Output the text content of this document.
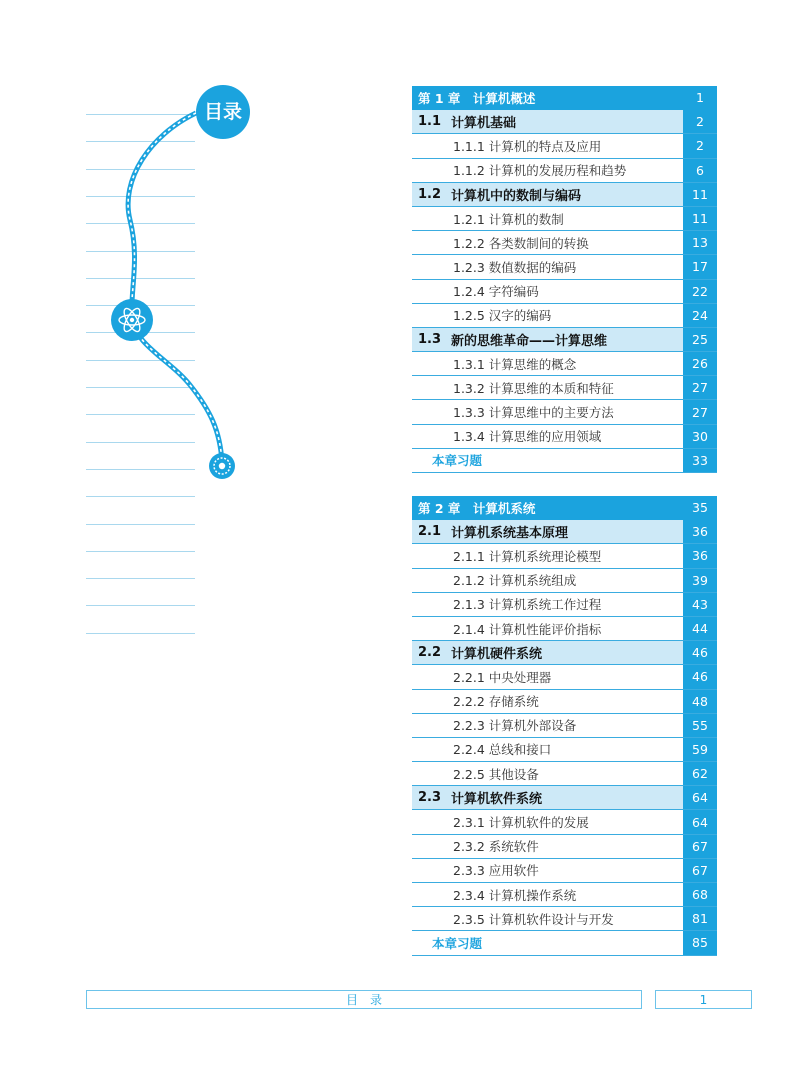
目录
第 1 章　计算机概述	1
1.1 计算机基础	2
1.1.1 计算机的特点及应用	2
1.1.2 计算机的发展历程和趋势	6
1.2 计算机中的数制与编码	11
1.2.1 计算机的数制	11
1.2.2 各类数制间的转换	13
1.2.3 数值数据的编码	17
1.2.4 字符编码	22
1.2.5 汉字的编码	24
1.3 新的思维革命——计算思维	25
1.3.1 计算思维的概念	26
1.3.2 计算思维的本质和特征	27
1.3.3 计算思维中的主要方法	27
1.3.4 计算思维的应用领域	30
本章习题	33
第 2 章　计算机系统	35
2.1 计算机系统基本原理	36
2.1.1 计算机系统理论模型	36
2.1.2 计算机系统组成	39
2.1.3 计算机系统工作过程	43
2.1.4 计算机性能评价指标	44
2.2 计算机硬件系统	46
2.2.1 中央处理器	46
2.2.2 存储系统	48
2.2.3 计算机外部设备	55
2.2.4 总线和接口	59
2.2.5 其他设备	62
2.3 计算机软件系统	64
2.3.1 计算机软件的发展	64
2.3.2 系统软件	67
2.3.3 应用软件	67
2.3.4 计算机操作系统	68
2.3.5 计算机软件设计与开发	81
本章习题	85
目　录	1
